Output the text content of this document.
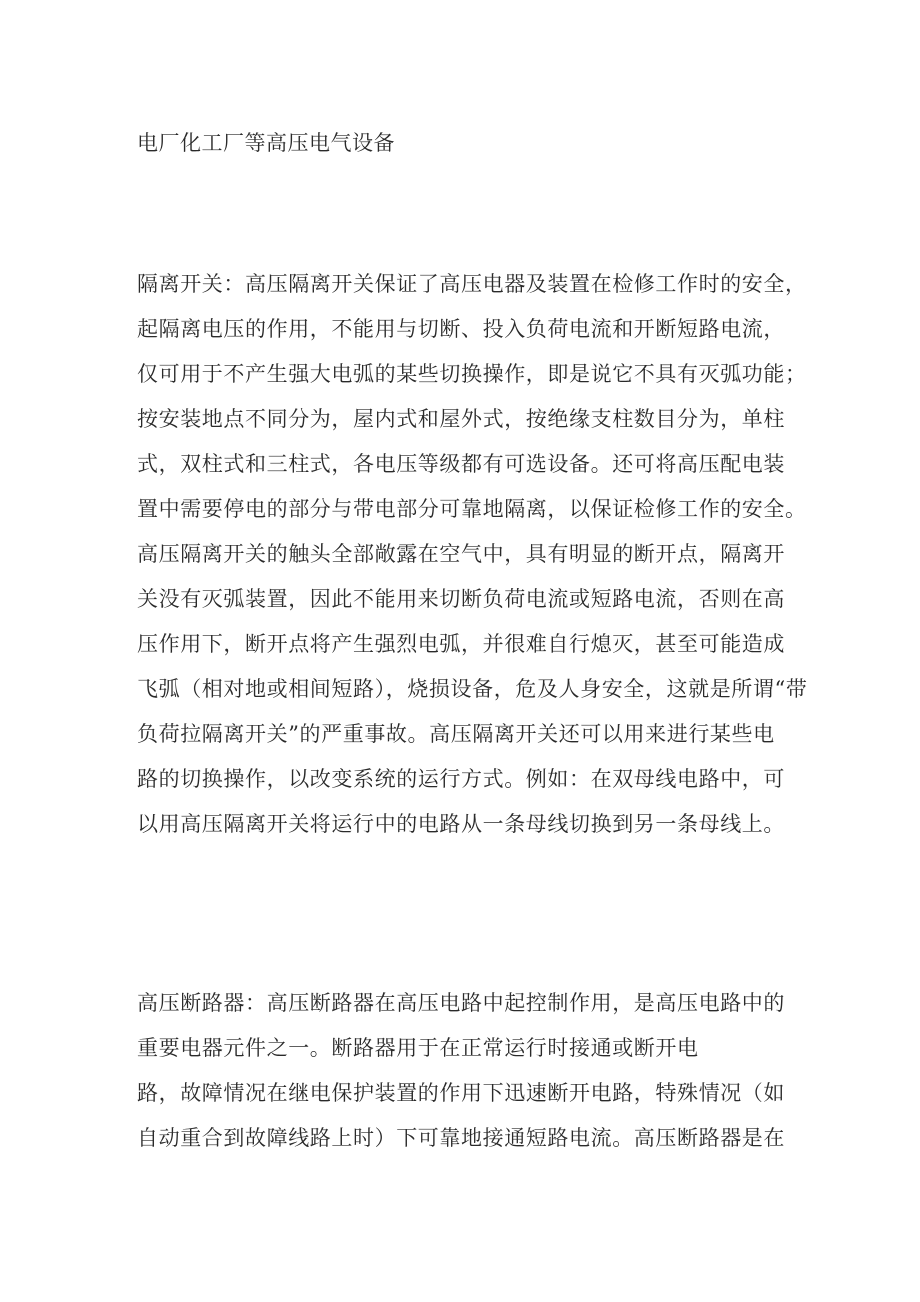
电厂化工厂等高压电气设备
隔离开关：高压隔离开关保证了高压电器及装置在检修工作时的安全，
起隔离电压的作用，不能用与切断、投入负荷电流和开断短路电流，
仅可用于不产生强大电弧的某些切换操作，即是说它不具有灭弧功能；
按安装地点不同分为，屋内式和屋外式，按绝缘支柱数目分为，单柱
式，双柱式和三柱式，各电压等级都有可选设备。还可将高压配电装
置中需要停电的部分与带电部分可靠地隔离，以保证检修工作的安全。
高压隔离开关的触头全部敞露在空气中，具有明显的断开点，隔离开
关没有灭弧装置，因此不能用来切断负荷电流或短路电流，否则在高
压作用下，断开点将产生强烈电弧，并很难自行熄灭，甚至可能造成
飞弧（相对地或相间短路），烧损设备，危及人身安全，这就是所谓“带
负荷拉隔离开关”的严重事故。高压隔离开关还可以用来进行某些电
路的切换操作，以改变系统的运行方式。例如：在双母线电路中，可
以用高压隔离开关将运行中的电路从一条母线切换到另一条母线上。
高压断路器：高压断路器在高压电路中起控制作用，是高压电路中的
重要电器元件之一。断路器用于在正常运行时接通或断开电
路，故障情况在继电保护装置的作用下迅速断开电路，特殊情况（如
自动重合到故障线路上时）下可靠地接通短路电流。高压断路器是在
